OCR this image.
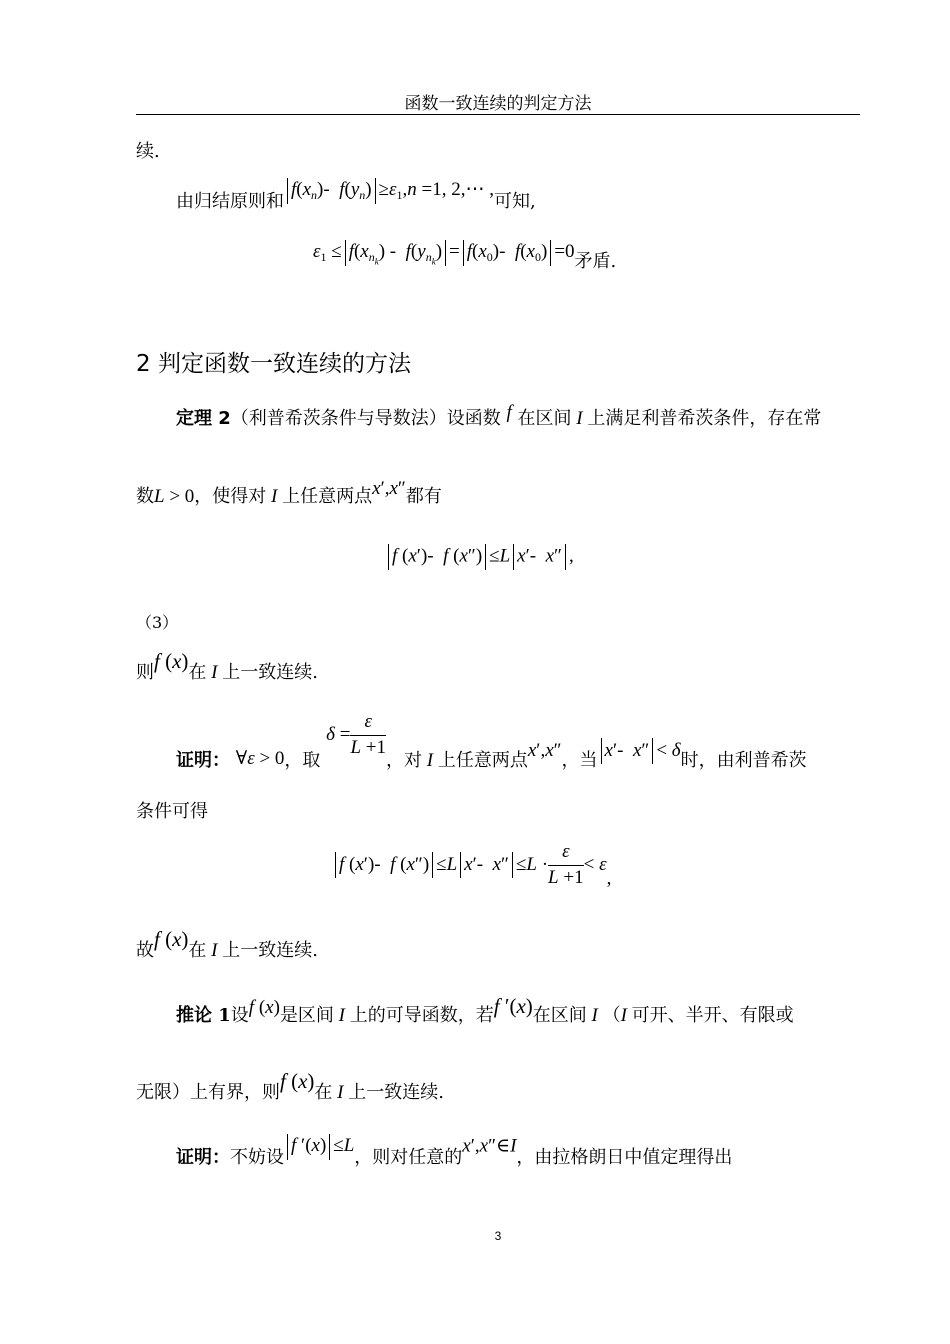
函数一致连续的判定方法
续.
由归结原则和$f(x_n)-$  $f(y_n) \ge\varepsilon_1,n =1$, 2,⋯ ,可知,
$\varepsilon_1 \le f(x_{n_k}) - f(y_{n_k}) = f(x_0)-$  $f(x_0) =0$矛盾.
2 判定函数一致连续的方法
定理 2（利普希茨条件与导数法）设函数 f 在区间 I 上满足利普希茨条件，存在常
数L > 0，使得对 I 上任意两点x′,x″都有
f (x′)-  f (x″) ≤L x′-  x″ ,
（3）
则f (x)在 I 上一致连续.
证明： ∀ε > 0，取 $\delta = \frac{\varepsilon}{L +1}$
，对 I 上任意两点x′,x″，当 x′-  x″ < δ时，由利普希茨
条件可得
f (x′)-  f (x″) ≤L x′-  $x'' \le L \cdot \frac{\varepsilon}{L +1} < \varepsilon$,
故f (x)在 I 上一致连续.
推论 1设f (x)是区间 I 上的可导函数，若f ′(x)在区间 I （I 可开、半开、有限或
无限）上有界，则f (x)在 I 上一致连续.
证明：不妨设f ′(x) ≤L，则对任意的x′,x″∈I，由拉格朗日中值定理得出
3
